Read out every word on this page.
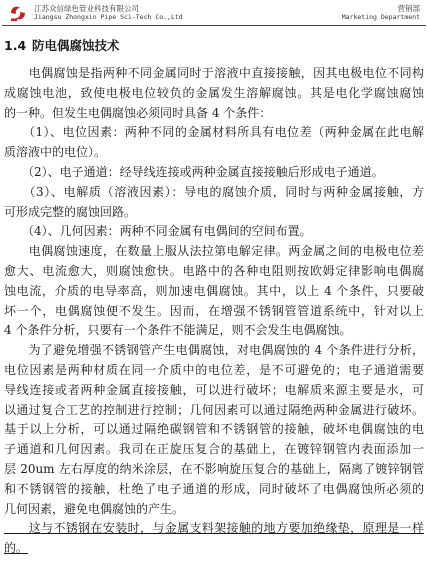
江苏众信绿色管业科技有限公司
Jiangsu Zhongxin Pipe Sci-Tech Co.,Ltd
营销部
Marketing Department
1.4 防电偶腐蚀技术
　　电偶腐蚀是指两种不同金属同时于溶液中直接接触，因其电极电位不同构
成腐蚀电池，致使电极电位较负的金属发生溶解腐蚀。其是电化学腐蚀腐蚀
的一种。但发生电偶腐蚀必须同时具备 4 个条件：
　　（1）、电位因素：两种不同的金属材料所具有电位差（两种金属在此电解
质溶液中的电位）。
　　（2）、电子通道：经导线连接或两种金属直接接触后形成电子通道。
　　（3）、电解质（溶液因素）：导电的腐蚀介质，同时与两种金属接触，方
可形成完整的腐蚀回路。
　　（4）、几何因素：两种不同金属有电偶间的空间布置。
　　电偶腐蚀速度，在数量上服从法拉第电解定律。两金属之间的电极电位差
愈大、电流愈大，则腐蚀愈快。电路中的各种电阻则按欧姆定律影响电偶腐
蚀电流，介质的电导率高，则加速电偶腐蚀。其中，以上 4 个条件，只要破
坏一个，电偶腐蚀便不发生。因而，在增强不锈钢管管道系统中，针对以上
4 个条件分析，只要有一个条件不能满足，则不会发生电偶腐蚀。
　　为了避免增强不锈钢管产生电偶腐蚀，对电偶腐蚀的 4 个条件进行分析，
电位因素是两种材质在同一介质中的电位差，是不可避免的；电子通道需要
导线连接或者两种金属直接接触，可以进行破坏；电解质来源主要是水，可
以通过复合工艺的控制进行控制；几何因素可以通过隔绝两种金属进行破坏。
基于以上分析，可以通过隔绝碳钢管和不锈钢管的接触，破坏电偶腐蚀的电
子通道和几何因素。我司在正旋压复合的基础上，在镀锌钢管内表面添加一
层 20um 左右厚度的纳米涂层，在不影响旋压复合的基础上，隔离了镀锌钢管
和不锈钢管的接触，杜绝了电子通道的形成，同时破坏了电偶腐蚀所必须的
几何因素，避免电偶腐蚀的产生。
　　这与不锈钢在安装时，与金属支料架接触的地方要加绝缘垫，原理是一样
的。
